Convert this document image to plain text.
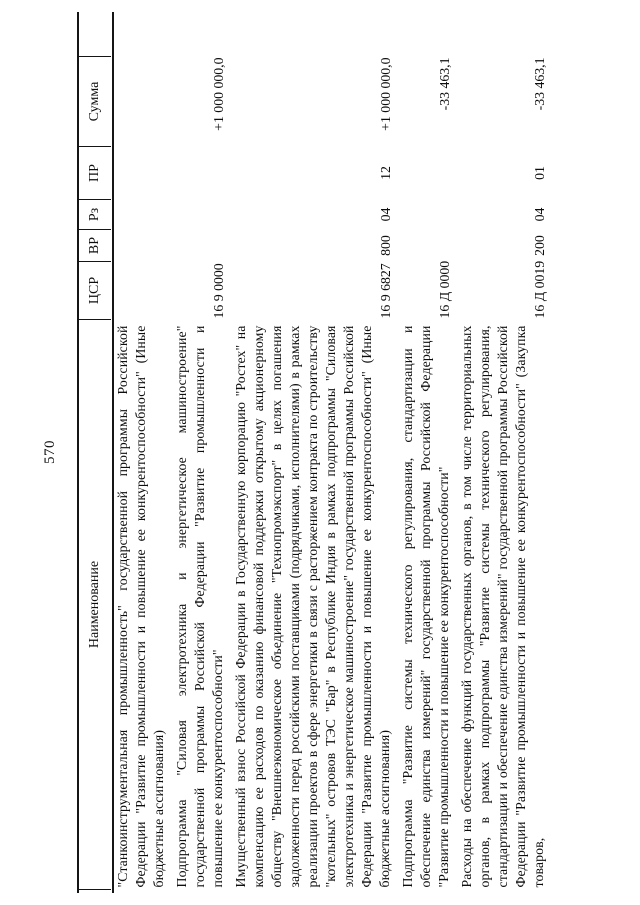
570
Наименование	ЦСР	ВР	Рз	ПР	Сумма
"Станкоинструментальная промышленность" государственной программы Российской Федерации "Развитие промышленности и повышение ее конкурентоспособности" (Иные бюджетные ассигнования)					
Подпрограмма "Силовая электротехника и энергетическое машиностроение" государственной программы Российской Федерации "Развитие промышленности и повышение ее конкурентоспособности"	16 9 0000				+1 000 000,0
Имущественный взнос Российской Федерации в Государственную корпорацию "Ростех" на компенсацию ее расходов по оказанию финансовой поддержки открытому акционерному обществу "Внешнеэкономическое объединение "Технопромэкспорт" в целях погашения задолженности перед российскими поставщиками (подрядчиками, исполнителями) в рамках реализации проектов в сфере энергетики в связи с расторжением контракта по строительству "котельных" островов ТЭС "Бар" в Республике Индия в рамках подпрограммы "Силовая электротехника и энергетическое машиностроение" государственной программы Российской Федерации "Развитие промышленности и повышение ее конкурентоспособности" (Иные бюджетные ассигнования)	16 9 6827	800	04	12	+1 000 000,0
Подпрограмма "Развитие системы технического регулирования, стандартизации и обеспечение единства измерений" государственной программы Российской Федерации "Развитие промышленности и повышение ее конкурентоспособности"	16 Д 0000				-33 463,1
Расходы на обеспечение функций государственных органов, в том числе территориальных органов, в рамках подпрограммы "Развитие системы технического регулирования, стандартизации и обеспечение единства измерений" государственной программы Российской Федерации "Развитие промышленности и повышение ее конкурентоспособности" (Закупка товаров,	16 Д 0019	200	04	01	-33 463,1
